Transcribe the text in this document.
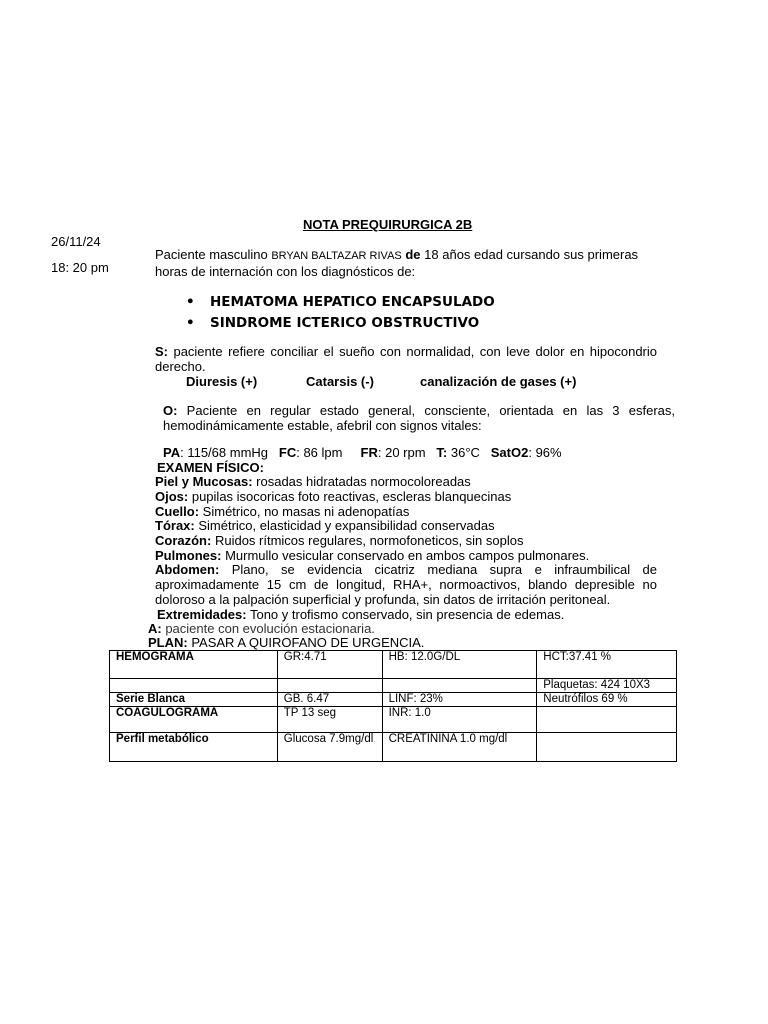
NOTA PREQUIRURGICA 2B
26/11/24
18: 20 pm
Paciente masculino BRYAN BALTAZAR RIVAS de 18 años edad cursando sus primeras horas de internación con los diagnósticos de:
• HEMATOMA HEPATICO ENCAPSULADO
• SINDROME ICTERICO OBSTRUCTIVO
S: paciente refiere conciliar el sueño con normalidad, con leve dolor en hipocondrio derecho.
Diuresis (+)	Catarsis (-)	canalización de gases (+)
O: Paciente en regular estado general, consciente, orientada en las 3 esferas, hemodinámicamente estable, afebril con signos vitales:
PA: 115/68 mmHg FC: 86 lpm FR: 20 rpm T: 36°C SatO2: 96%
EXAMEN FÍSICO:
Piel y Mucosas: rosadas hidratadas normocoloreadas
Ojos: pupilas isocoricas foto reactivas, escleras blanquecinas
Cuello: Simétrico, no masas ni adenopatías
Tórax: Simétrico, elasticidad y expansibilidad conservadas
Corazón: Ruidos rítmicos regulares, normofoneticos, sin soplos
Pulmones: Murmullo vesicular conservado en ambos campos pulmonares.
Abdomen: Plano, se evidencia cicatriz mediana supra e infraumbilical de aproximadamente 15 cm de longitud, RHA+, normoactivos, blando depresible no doloroso a la palpación superficial y profunda, sin datos de irritación peritoneal.
Extremidades: Tono y trofismo conservado, sin presencia de edemas.
A: paciente con evolución estacionaria.
PLAN: PASAR A QUIROFANO DE URGENCIA.
HEMOGRAMA	GR:4.71	HB: 12.0G/DL	HCT:37.41 %
			Plaquetas: 424 10X3
Serie Blanca	GB. 6.47	LINF: 23%	Neutrófilos 69 %
COAGULOGRAMA	TP 13 seg	INR: 1.0	
Perfil metabólico	Glucosa 7.9mg/dl	CREATININA 1.0 mg/dl	
